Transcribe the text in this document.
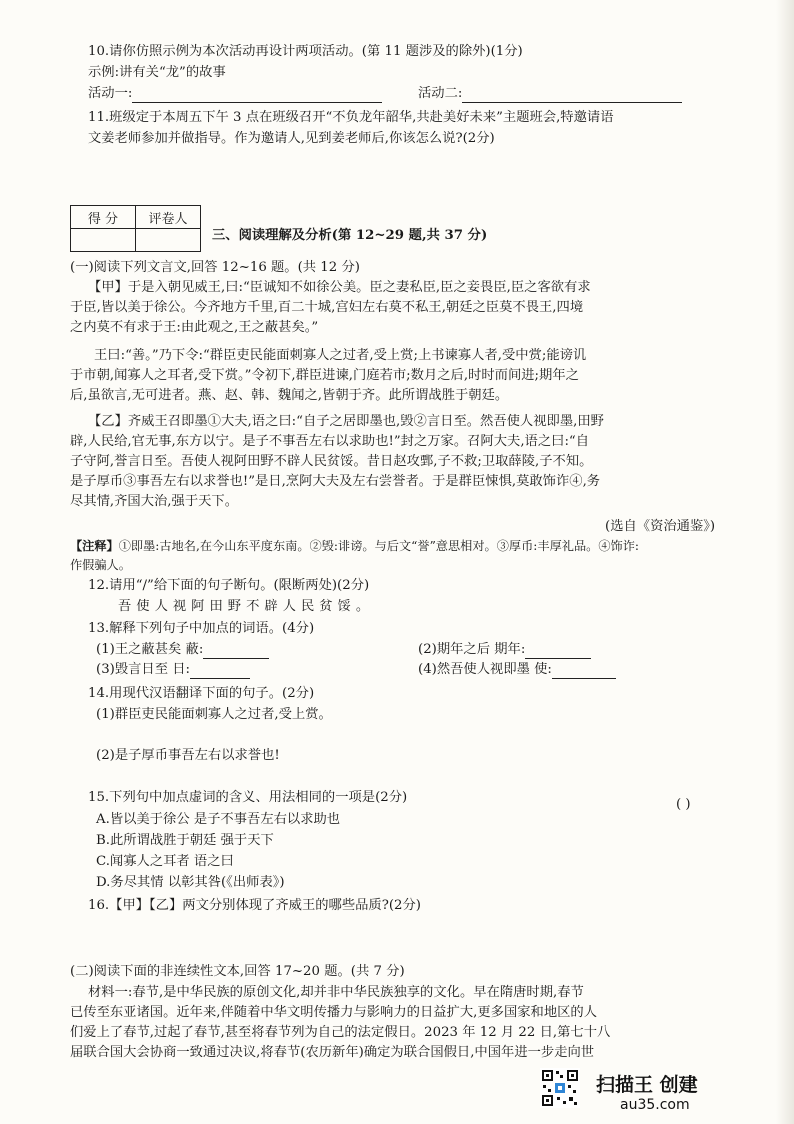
10.请你仿照示例为本次活动再设计两项活动。(第 11 题涉及的除外)(1分)
示例:讲有关“龙”的故事
活动一:	活动二:
11.班级定于本周五下午 3 点在班级召开“不负龙年韶华,共赴美好未来”主题班会,特邀请语
文姜老师参加并做指导。作为邀请人,见到姜老师后,你该怎么说?(2分)
得 分	评卷人

三、阅读理解及分析(第 12~29 题,共 37 分)
(一)阅读下列文言文,回答 12~16 题。(共 12 分)
【甲】于是入朝见威王,曰:“臣诚知不如徐公美。臣之妻私臣,臣之妾畏臣,臣之客欲有求
于臣,皆以美于徐公。今齐地方千里,百二十城,宫妇左右莫不私王,朝廷之臣莫不畏王,四境
之内莫不有求于王:由此观之,王之蔽甚矣。”
王曰:“善。”乃下令:“群臣吏民能面刺寡人之过者,受上赏;上书谏寡人者,受中赏;能谤讥
于市朝,闻寡人之耳者,受下赏。”令初下,群臣进谏,门庭若市;数月之后,时时而间进;期年之
后,虽欲言,无可进者。燕、赵、韩、魏闻之,皆朝于齐。此所谓战胜于朝廷。
【乙】齐威王召即墨①大夫,语之曰:“自子之居即墨也,毁②言日至。然吾使人视即墨,田野
辟,人民给,官无事,东方以宁。是子不事吾左右以求助也!”封之万家。召阿大夫,语之曰:“自
子守阿,誉言日至。吾使人视阿田野不辟人民贫馁。昔日赵攻鄄,子不救;卫取薛陵,子不知。
是子厚币③事吾左右以求誉也!”是日,烹阿大夫及左右尝誉者。于是群臣悚惧,莫敢饰诈④,务
尽其情,齐国大治,强于天下。
(选自《资治通鉴》)
【注释】①即墨:古地名,在今山东平度东南。②毁:诽谤。与后文“誉”意思相对。③厚币:丰厚礼品。④饰诈:
作假骗人。
12.请用“/”给下面的句子断句。(限断两处)(2分)
吾使人视阿田野不辟人民贫馁。
13.解释下列句子中加点的词语。(4分)
(1)王之蔽甚矣 蔽:	(2)期年之后 期年:
(3)毁言日至 日:	(4)然吾使人视即墨 使:
14.用现代汉语翻译下面的句子。(2分)
(1)群臣吏民能面刺寡人之过者,受上赏。
(2)是子厚币事吾左右以求誉也!
15.下列句中加点虚词的含义、用法相同的一项是(2分)	( )
A.皆以美于徐公 是子不事吾左右以求助也
B.此所谓战胜于朝廷 强于天下
C.闻寡人之耳者 语之曰
D.务尽其情 以彰其咎(《出师表》)
16.【甲】【乙】两文分别体现了齐威王的哪些品质?(2分)
(二)阅读下面的非连续性文本,回答 17~20 题。(共 7 分)
材料一:春节,是中华民族的原创文化,却并非中华民族独享的文化。早在隋唐时期,春节
已传至东亚诸国。近年来,伴随着中华文明传播力与影响力的日益扩大,更多国家和地区的人
们爱上了春节,过起了春节,甚至将春节列为自己的法定假日。2023 年 12 月 22 日,第七十八
届联合国大会协商一致通过决议,将春节(农历新年)确定为联合国假日,中国年进一步走向世
扫描王 创建
au35.com
